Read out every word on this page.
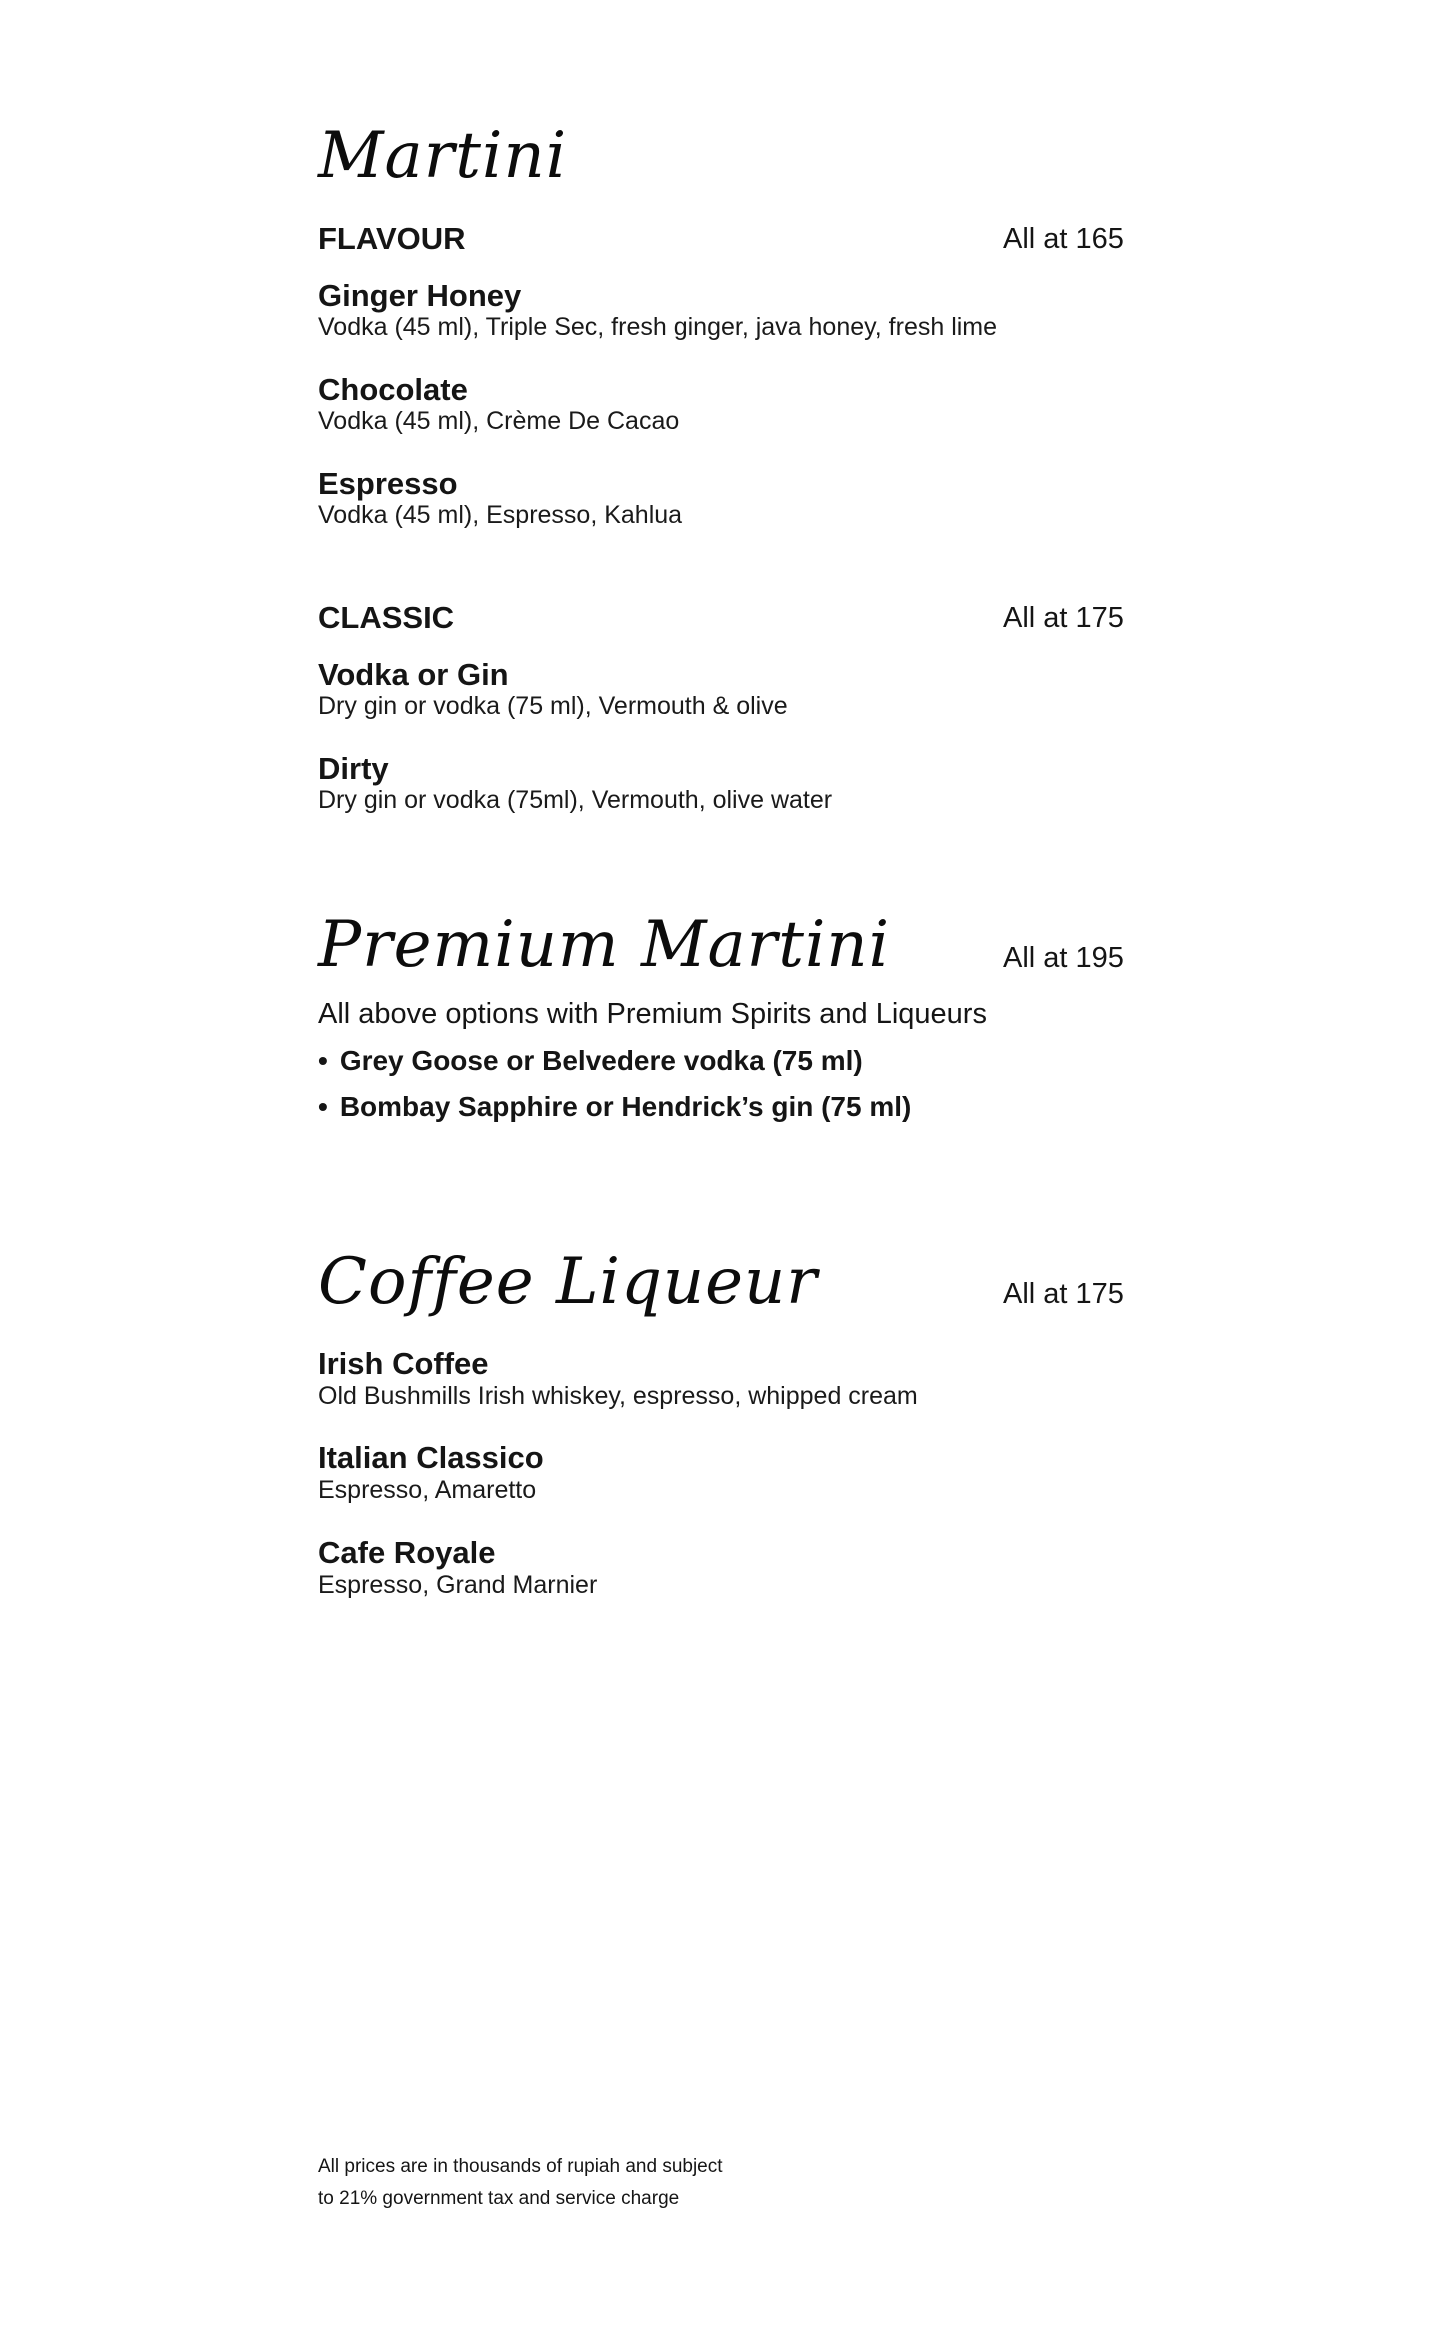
Martini
FLAVOUR	All at 165
Ginger Honey
Vodka (45 ml), Triple Sec, fresh ginger, java honey, fresh lime
Chocolate
Vodka (45 ml), Crème De Cacao
Espresso
Vodka (45 ml), Espresso, Kahlua
CLASSIC	All at 175
Vodka or Gin
Dry gin or vodka (75 ml), Vermouth & olive
Dirty
Dry gin or vodka (75ml), Vermouth, olive water
Premium Martini	All at 195
All above options with Premium Spirits and Liqueurs
• Grey Goose or Belvedere vodka (75 ml)
• Bombay Sapphire or Hendrick’s gin (75 ml)
Coffee Liqueur	All at 175
Irish Coffee
Old Bushmills Irish whiskey, espresso, whipped cream
Italian Classico
Espresso, Amaretto
Cafe Royale
Espresso, Grand Marnier
All prices are in thousands of rupiah and subject
to 21% government tax and service charge
